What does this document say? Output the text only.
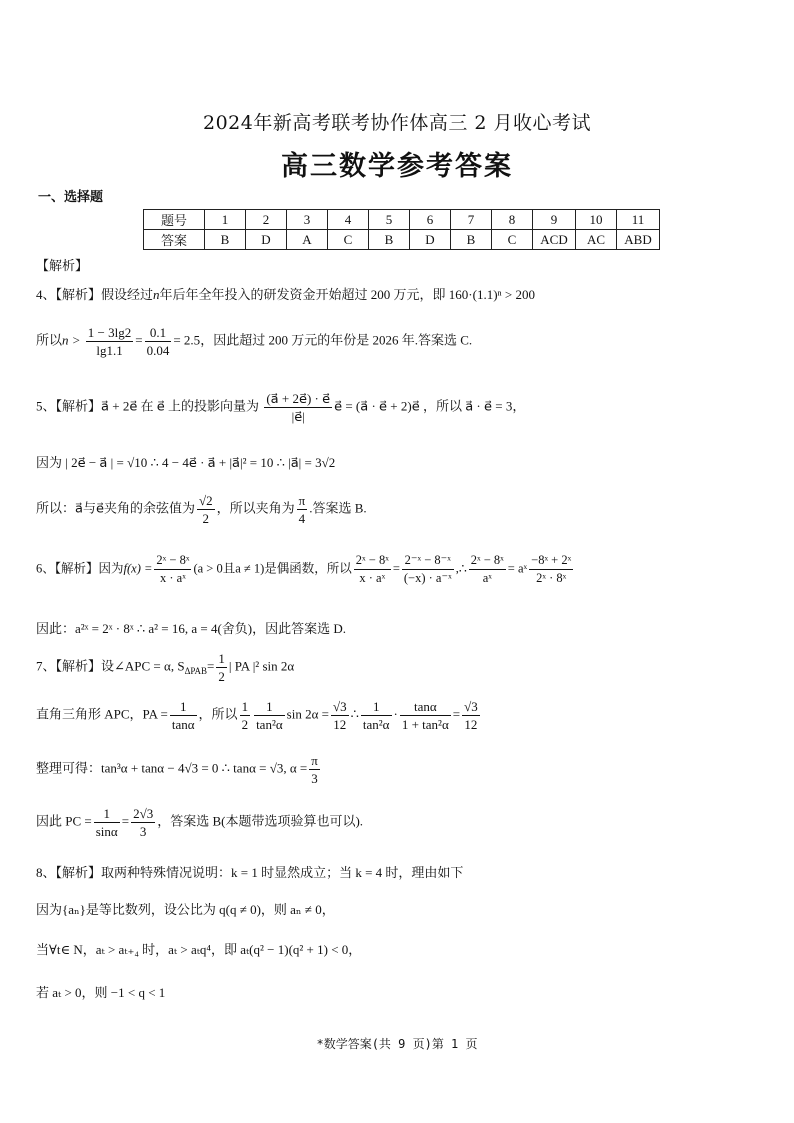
2024年新高考联考协作体高三 2 月收心考试
高三数学参考答案
一、选择题
题号	1	2	3	4	5	6	7	8	9	10	11
答案	B	D	A	C	B	D	B	C	ACD	AC	ABD
【解析】
4、【解析】假设经过n年后年全年投入的研发资金开始超过 200 万元，即 160·(1.1)ⁿ > 200
所以$n > \frac{1 - 3\lg 2}{\lg 1.1} = \frac{0.1}{0.04} = 2.5$，因此超过 200 万元的年份是 2026 年.答案选 C.
5、【解析】a⃗ + 2e⃗ 在 e⃗ 上的投影向量为 $\frac{(a⃗ + 2e⃗) \cdot e⃗}{|e⃗|}$ e⃗ = (a⃗ · e⃗ + 2)e⃗ ，所以 a⃗ · e⃗ = 3，
因为 | 2e⃗ − a⃗ | = √10 ∴ 4 − 4e⃗ · a⃗ + |a⃗|² = 10 ∴ |a⃗| = 3√2
所以：a⃗与e⃗夹角的余弦值为 $\frac{√2}{2}$ ，所以夹角为 $\frac{\pi}{4}$ .答案选 B.
6、【解析】因为$f(x) = \frac{\text{2ˣ − 8ˣ}}{\text{x · aˣ}} (a > 0$且a ≠ 1)是偶函数，所以 $\frac{\text{2ˣ − 8ˣ}}{\text{x · aˣ}} = \frac{\text{2⁻ˣ − 8⁻ˣ}}{\text{(−x) · a⁻ˣ}}$ ,∴ $\frac{\text{2ˣ − 8ˣ}}{\text{aˣ}}$ = aˣ $\frac{\text{−8ˣ + 2ˣ}}{\text{2ˣ · 8ˣ}}$
因此：a²ˣ = 2ˣ · 8ˣ ∴ a² = 16, a = 4(舍负)，因此答案选 D.
7、【解析】设∠APC = α, $S_{\Delta PAB}= \frac{1}{2}$ | PA |² sin 2α
直角三角形 APC，PA = $\frac{1}{\tan\alpha}$ ，所以 $\frac{1}{2} \frac{1}{\text{tan²α}}$ $\sin 2\alpha = \frac{√3}{12}$ ∴ $\frac{1}{\text{tan²α}} \cdot \frac{\tan\alpha}{\text{1 + tan²α}} = \frac{√3}{12}$
整理可得：tan³α + tanα − 4√3 = 0 ∴ tanα = √3, $\alpha = \frac{\pi}{3}$
因此 PC = $\frac{1}{\sin\alpha} = \frac{2√3}{3}$ ，答案选 B(本题带选项验算也可以).
8、【解析】取两种特殊情况说明：k = 1 时显然成立；当 k = 4 时，理由如下
因为{aₙ}是等比数列，设公比为 q(q ≠ 0)，则 aₙ ≠ 0，
当∀t∈ N，aₜ > aₜ₊₄ 时，aₜ > aₜq⁴，即 aₜ(q² − 1)(q² + 1) < 0，
若 aₜ > 0，则 −1 < q < 1
*数学答案(共 9 页)第 1 页
